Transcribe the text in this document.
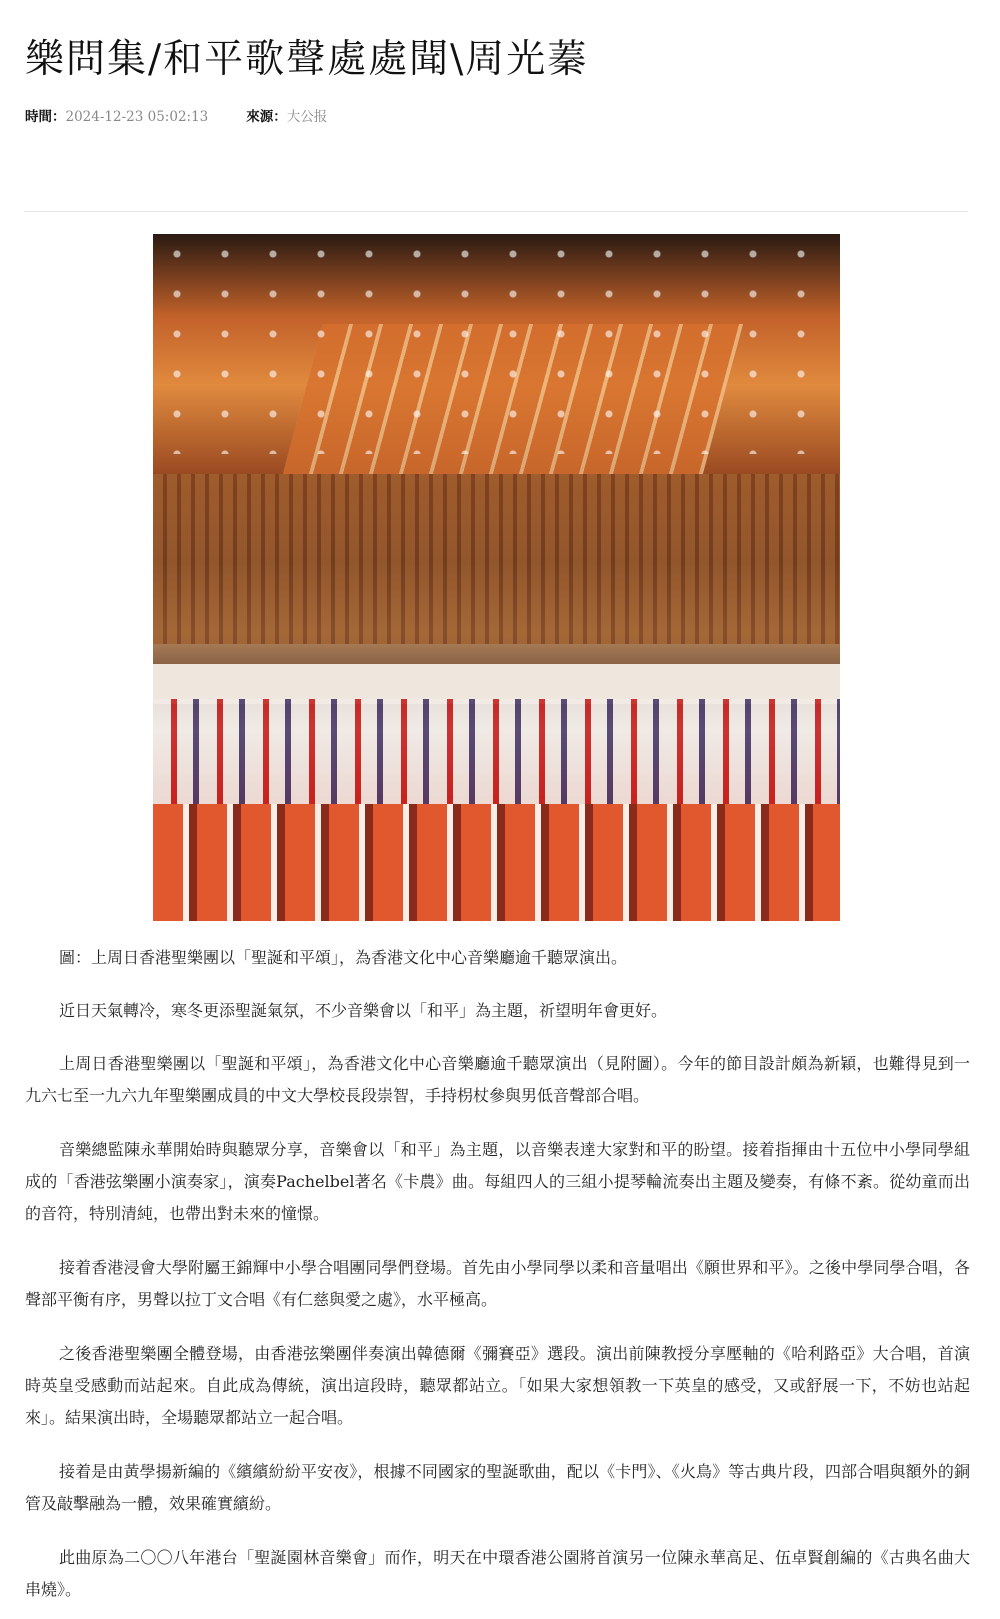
樂問集/和平歌聲處處聞\周光蓁
時間：2024-12-23 05:02:13	來源：大公报

圖：上周日香港聖樂團以「聖誕和平頌」，為香港文化中心音樂廳逾千聽眾演出。

近日天氣轉冷，寒冬更添聖誕氣氛，不少音樂會以「和平」為主題，祈望明年會更好。

上周日香港聖樂團以「聖誕和平頌」，為香港文化中心音樂廳逾千聽眾演出（見附圖）。今年的節目設計頗為新穎，也難得見到一九六七至一九六九年聖樂團成員的中文大學校長段崇智，手持枴杖參與男低音聲部合唱。

音樂總監陳永華開始時與聽眾分享，音樂會以「和平」為主題，以音樂表達大家對和平的盼望。接着指揮由十五位中小學同學組成的「香港弦樂團小演奏家」，演奏Pachelbel著名《卡農》曲。每組四人的三組小提琴輪流奏出主題及變奏，有條不紊。從幼童而出的音符，特別清純，也帶出對未來的憧憬。

接着香港浸會大學附屬王錦輝中小學合唱團同學們登場。首先由小學同學以柔和音量唱出《願世界和平》。之後中學同學合唱，各聲部平衡有序，男聲以拉丁文合唱《有仁慈與愛之處》，水平極高。

之後香港聖樂團全體登場，由香港弦樂團伴奏演出韓德爾《彌賽亞》選段。演出前陳教授分享壓軸的《哈利路亞》大合唱，首演時英皇受感動而站起來。自此成為傳統，演出這段時，聽眾都站立。「如果大家想領教一下英皇的感受，又或舒展一下，不妨也站起來」。結果演出時，全場聽眾都站立一起合唱。

接着是由黃學揚新編的《繽繽紛紛平安夜》，根據不同國家的聖誕歌曲，配以《卡門》、《火鳥》等古典片段，四部合唱與額外的銅管及敲擊融為一體，效果確實繽紛。

此曲原為二〇〇八年港台「聖誕園林音樂會」而作，明天在中環香港公園將首演另一位陳永華高足、伍卓賢創編的《古典名曲大串燒》。
